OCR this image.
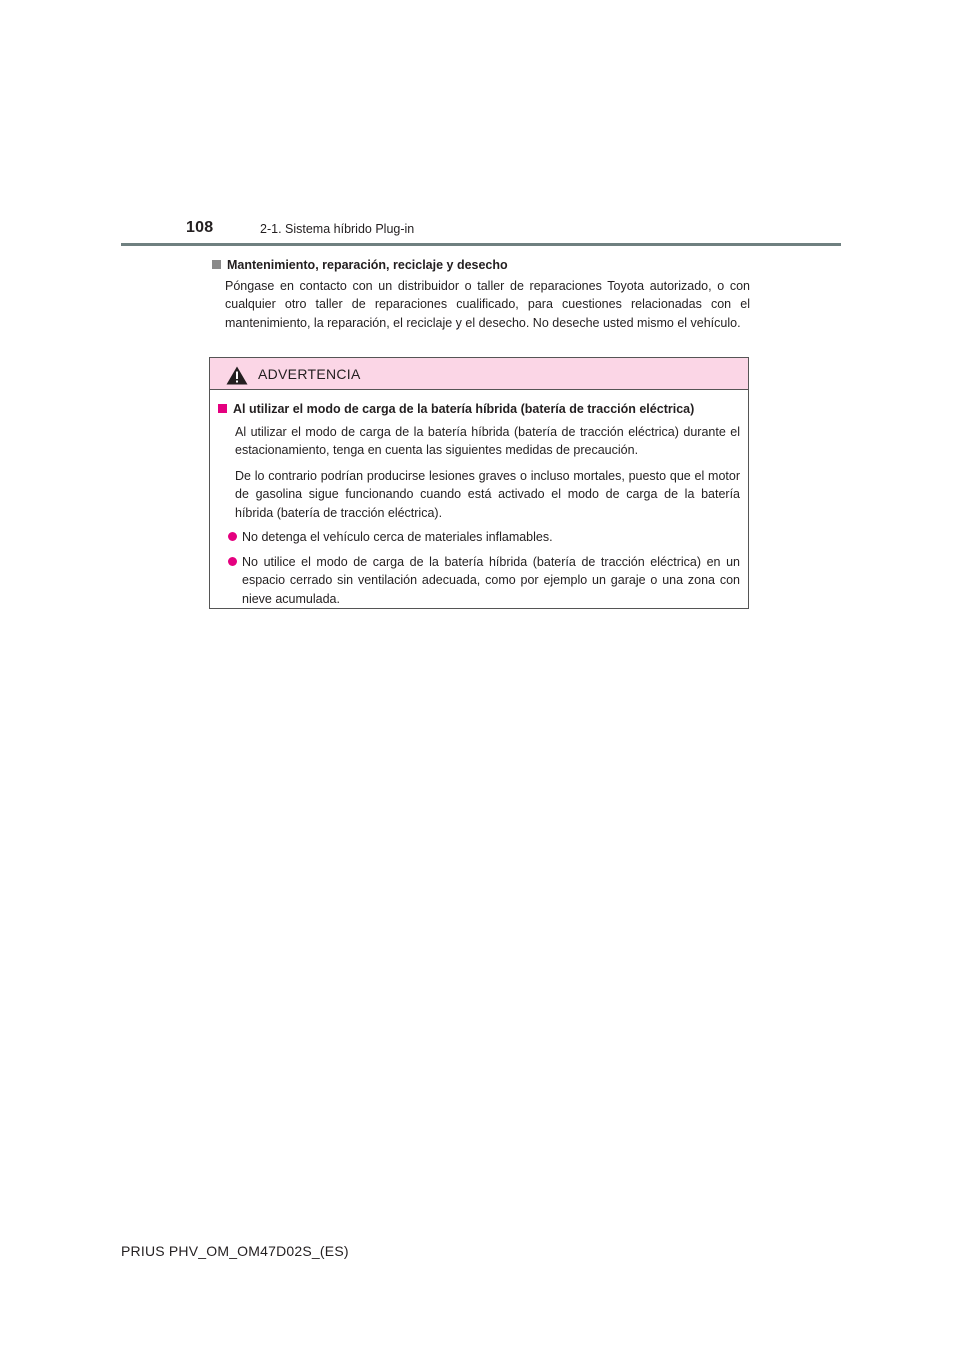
108	2-1. Sistema híbrido Plug-in
Mantenimiento, reparación, reciclaje y desecho
Póngase en contacto con un distribuidor o taller de reparaciones Toyota autorizado, o con cualquier otro taller de reparaciones cualificado, para cuestiones relacionadas con el mantenimiento, la reparación, el reciclaje y el desecho. No deseche usted mismo el vehículo.
ADVERTENCIA
Al utilizar el modo de carga de la batería híbrida (batería de tracción eléctrica)
Al utilizar el modo de carga de la batería híbrida (batería de tracción eléctrica) durante el estacionamiento, tenga en cuenta las siguientes medidas de precaución.
De lo contrario podrían producirse lesiones graves o incluso mortales, puesto que el motor de gasolina sigue funcionando cuando está activado el modo de carga de la batería híbrida (batería de tracción eléctrica).
No detenga el vehículo cerca de materiales inflamables.
No utilice el modo de carga de la batería híbrida (batería de tracción eléctrica) en un espacio cerrado sin ventilación adecuada, como por ejemplo un garaje o una zona con nieve acumulada.
PRIUS PHV_OM_OM47D02S_(ES)
